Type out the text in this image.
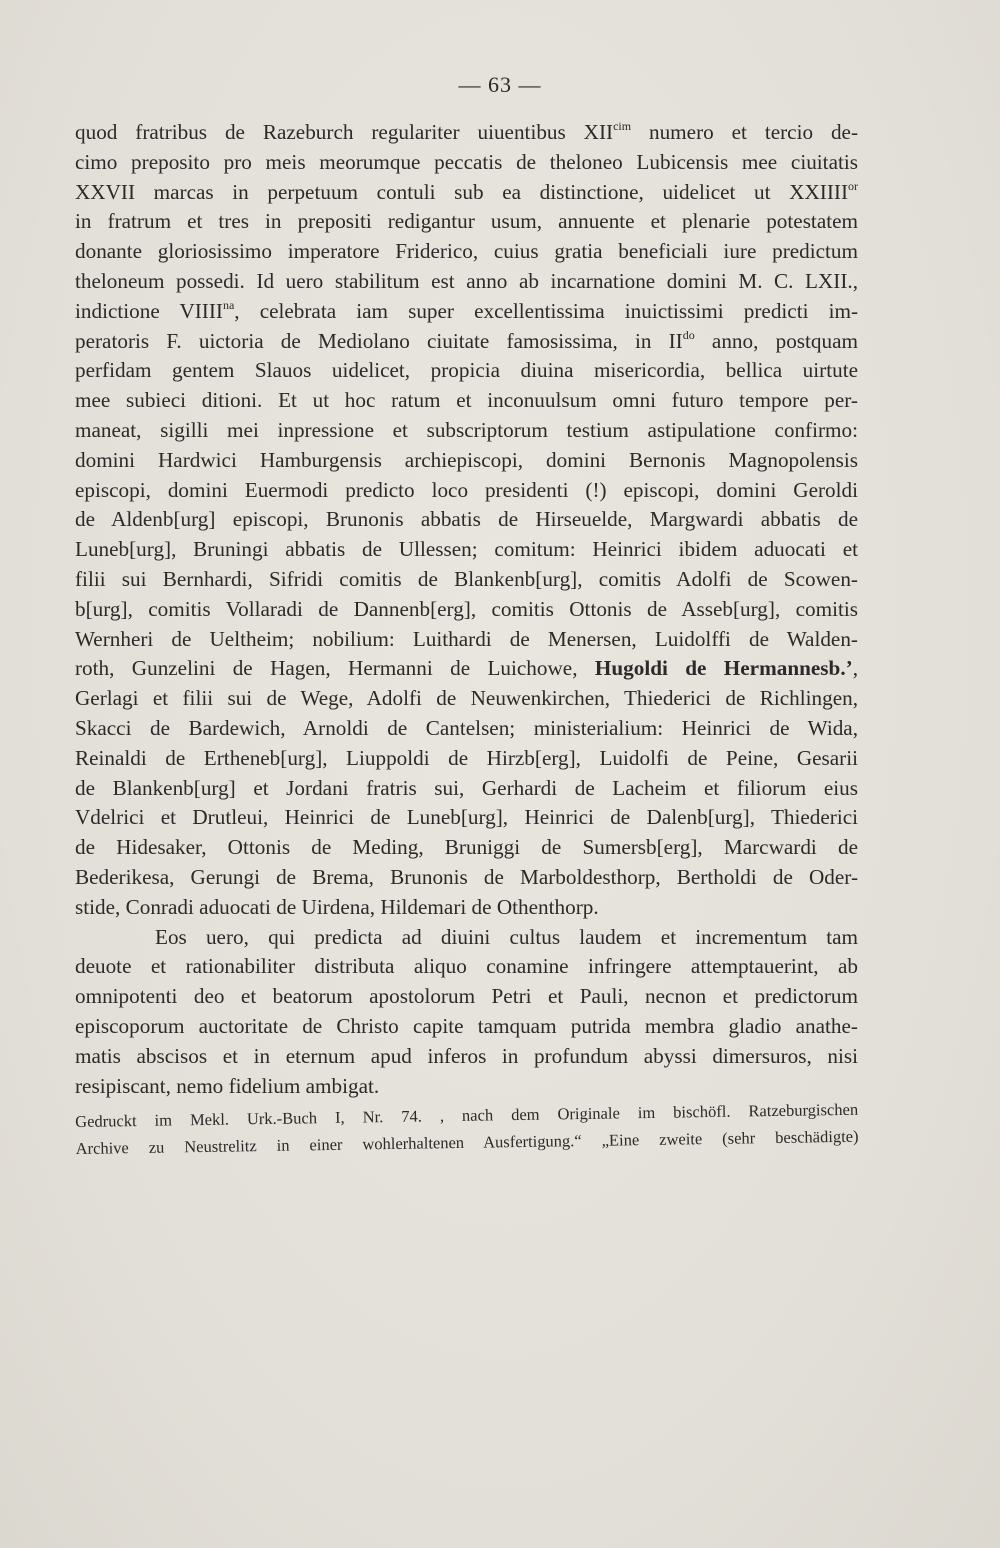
— 63 —
quod fratribus de Razeburch regulariter uiuentibus $XII^{cim}$ numero et tercio de-
cimo preposito pro meis meorumque peccatis de theloneo Lubicensis mee ciuitatis
XXVII marcas in perpetuum contuli sub ea distinctione, uidelicet ut $XXIIII^{or}$
in fratrum et tres in prepositi redigantur usum, annuente et plenarie potestatem
donante gloriosissimo imperatore Friderico, cuius gratia beneficiali iure predictum
theloneum possedi. Id uero stabilitum est anno ab incarnatione domini M. C. LXII.,
indictione $VIIII^{na}$, celebrata iam super excellentissima inuictissimi predicti im-
peratoris F. uictoria de Mediolano ciuitate famosissima, in $II^{do}$ anno, postquam
perfidam gentem Slauos uidelicet, propicia diuina misericordia, bellica uirtute
mee subieci ditioni. Et ut hoc ratum et inconuulsum omni futuro tempore per-
maneat, sigilli mei inpressione et subscriptorum testium astipulatione confirmo:
domini Hardwici Hamburgensis archiepiscopi, domini Bernonis Magnopolensis
episcopi, domini Euermodi predicto loco presidenti (!) episcopi, domini Geroldi
de Aldenb[urg] episcopi, Brunonis abbatis de Hirseuelde, Margwardi abbatis de
Luneb[urg], Bruningi abbatis de Ullessen; comitum: Heinrici ibidem aduocati et
filii sui Bernhardi, Sifridi comitis de Blankenb[urg], comitis Adolfi de Scowen-
b[urg], comitis Vollaradi de Dannenb[erg], comitis Ottonis de Asseb[urg], comitis
Wernheri de Ueltheim; nobilium: Luithardi de Menersen, Luidolffi de Walden-
roth, Gunzelini de Hagen, Hermanni de Luichowe, Hugoldi de Hermannesb.’,
Gerlagi et filii sui de Wege, Adolfi de Neuwenkirchen, Thiederici de Richlingen,
Skacci de Bardewich, Arnoldi de Cantelsen; ministerialium: Heinrici de Wida,
Reinaldi de Ertheneb[urg], Liuppoldi de Hirzb[erg], Luidolfi de Peine, Gesarii
de Blankenb[urg] et Jordani fratris sui, Gerhardi de Lacheim et filiorum eius
Vdelrici et Drutleui, Heinrici de Luneb[urg], Heinrici de Dalenb[urg], Thiederici
de Hidesaker, Ottonis de Meding, Bruniggi de Sumersb[erg], Marcwardi de
Bederikesa, Gerungi de Brema, Brunonis de Marboldesthorp, Bertholdi de Oder-
stide, Conradi aduocati de Uirdena, Hildemari de Othenthorp.
Eos uero, qui predicta ad diuini cultus laudem et incrementum tam
deuote et rationabiliter distributa aliquo conamine infringere attemptauerint, ab
omnipotenti deo et beatorum apostolorum Petri et Pauli, necnon et predictorum
episcoporum auctoritate de Christo capite tamquam putrida membra gladio anathe-
matis abscisos et in eternum apud inferos in profundum abyssi dimersuros, nisi
resipiscant, nemo fidelium ambigat.
Gedruckt im Mekl. Urk.-Buch I, Nr. 74. , nach dem Originale im bischöfl. Ratzeburgischen
Archive zu Neustrelitz in einer wohlerhaltenen Ausfertigung.“ „Eine zweite (sehr beschädigte)
